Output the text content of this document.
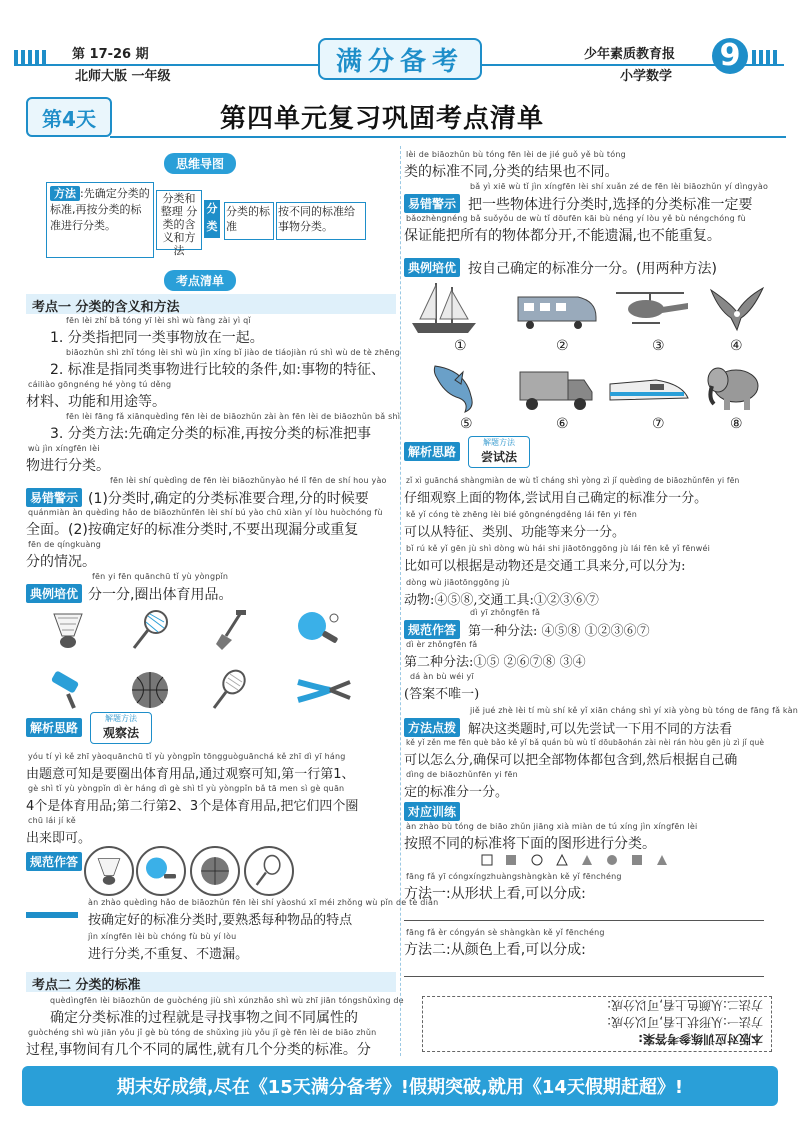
第 17-26 期
北师大版 一年级	满分备考	少年素质教育报
小学数学
9
第4天	第四单元复习巩固考点清单
思维导图
方法 :先确定分类的标准,再按分类的标准进行分类。
分类和整理 分类的含义和方法
分类
分类的标准
按不同的标准给事物分类。
考点清单
考点一 分类的含义和方法
fēn lèi zhǐ bǎ tóng yī lèi shì wù fàng zài yì qǐ
1. 分类指把同一类事物放在一起。
biāozhǔn shì zhǐ tóng lèi shì wù jìn xíng bǐ jiào de tiáojiàn rú shì wù de tè zhēng
2. 标准是指同类事物进行比较的条件,如:事物的特征、
cáiliào gōngnéng hé yòng tú děng
材料、功能和用途等。
fēn lèi fāng fǎ xiānquèdìng fēn lèi de biāozhǔn zài àn fēn lèi de biāozhǔn bǎ shì
3. 分类方法:先确定分类的标准,再按分类的标准把事
wù jìn xíngfēn lèi
物进行分类。
fēn lèi shí quèdìng de fēn lèi biāozhǔnyào hé lǐ fēn de shí hou yào
易错警示 (1)分类时,确定的分类标准要合理,分的时候要
quánmiàn àn quèdìng hǎo de biāozhǔnfēn lèi shí bú yào chū xiàn yí lòu huòchóng fù
全面。(2)按确定好的标准分类时,不要出现漏分或重复
fēn de qíngkuàng
分的情况。
fēn yi fēn quānchū tǐ yù yòngpǐn
典例培优 分一分,圈出体育用品。
解析思路
解题方法
观察法
yóu tí yì kě zhī yàoquānchū tǐ yù yòngpǐn tōngguòguānchá kě zhī dì yī háng
由题意可知是要圈出体育用品,通过观察可知,第一行第1、
gè shì tǐ yù yòngpǐn dì èr háng dì gè shì tǐ yù yòngpǐn bǎ tā men sì gè quān
4个是体育用品;第二行第2、3个是体育用品,把它们四个圈
chū lái jí kě
出来即可。
规范作答
àn zhào quèdìng hǎo de biāozhǔn fēn lèi shí yàoshú xī méi zhǒng wù pǐn de tè diǎn
按确定好的标准分类时,要熟悉每种物品的特点
jìn xíngfēn lèi bù chóng fù bù yí lòu
进行分类,不重复、不遗漏。
考点二 分类的标准
quèdìngfēn lèi biāozhǔn de guòchéng jiù shì xúnzhǎo shì wù zhī jiān tóngshǔxìng de
确定分类标准的过程就是寻找事物之间不同属性的
guòchéng shì wù jiān yǒu jǐ gè bù tóng de shǔxìng jiù yǒu jǐ gè fēn lèi de biāo zhǔn
过程,事物间有几个不同的属性,就有几个分类的标准。分
lèi de biāozhǔn bù tóng fēn lèi de jié guǒ yě bù tóng
类的标准不同,分类的结果也不同。
bǎ yì xiē wù tǐ jìn xíngfēn lèi shí xuǎn zé de fēn lèi biāozhǔn yí dìngyào
易错警示 把一些物体进行分类时,选择的分类标准一定要
bǎozhèngnéng bǎ suǒyǒu de wù tǐ dōufēn kāi bù néng yí lòu yě bù néngchóng fù
保证能把所有的物体都分开,不能遗漏,也不能重复。
典例培优 按自己确定的标准分一分。(用两种方法)
①	②	③	④
⑤	⑥	⑦	⑧
解析思路
解题方法
尝试法
zǐ xì guānchá shàngmiàn de wù tǐ cháng shì yòng zì jǐ quèdìng de biāozhǔnfēn yi fēn
仔细观察上面的物体,尝试用自己确定的标准分一分。
kě yǐ cóng tè zhēng lèi bié gōngnéngděng lái fēn yi fēn
可以从特征、类别、功能等来分一分。
bǐ rú kě yǐ gēn jù shì dòng wù hái shi jiāotōnggōng jù lái fēn kě yǐ fēnwéi
比如可以根据是动物还是交通工具来分,可以分为:
dòng wù jiāotōnggōng jù
动物:④⑤⑧,交通工具:①②③⑥⑦
dì yī zhǒngfēn fǎ
规范作答 第一种分法: ④⑤⑧ ①②③⑥⑦
dì èr zhǒngfēn fǎ
第二种分法:①⑤ ②⑥⑦⑧ ③④
dá àn bù wéi yī
(答案不唯一)
jiě jué zhè lèi tí mù shí kě yǐ xiān cháng shì yí xià yòng bù tóng de fāng fǎ kàn
方法点拨 解决这类题时,可以先尝试一下用不同的方法看
kě yǐ zěn me fēn què bǎo kě yǐ bǎ quán bù wù tǐ dōubāohán zài nèi rán hòu gēn jù zì jǐ què
可以怎么分,确保可以把全部物体都包含到,然后根据自己确
dìng de biāozhǔnfēn yi fēn
定的标准分一分。
对应训练
àn zhào bù tóng de biāo zhǔn jiāng xià miàn de tú xíng jìn xíngfēn lèi
按照不同的标准将下面的图形进行分类。
fāng fǎ yī cóngxíngzhuàngshàngkàn kě yǐ fēnchéng
方法一:从形状上看,可以分成:
fāng fǎ èr cóngyán sè shàngkàn kě yǐ fēnchéng
方法二:从颜色上看,可以分成:
本版对应训练参考答案:
方法一:从形状上看,可以分成:
方法二:从颜色上看,可以分成:
期末好成绩,尽在《15天满分备考》!假期突破,就用《14天假期赶超》!
